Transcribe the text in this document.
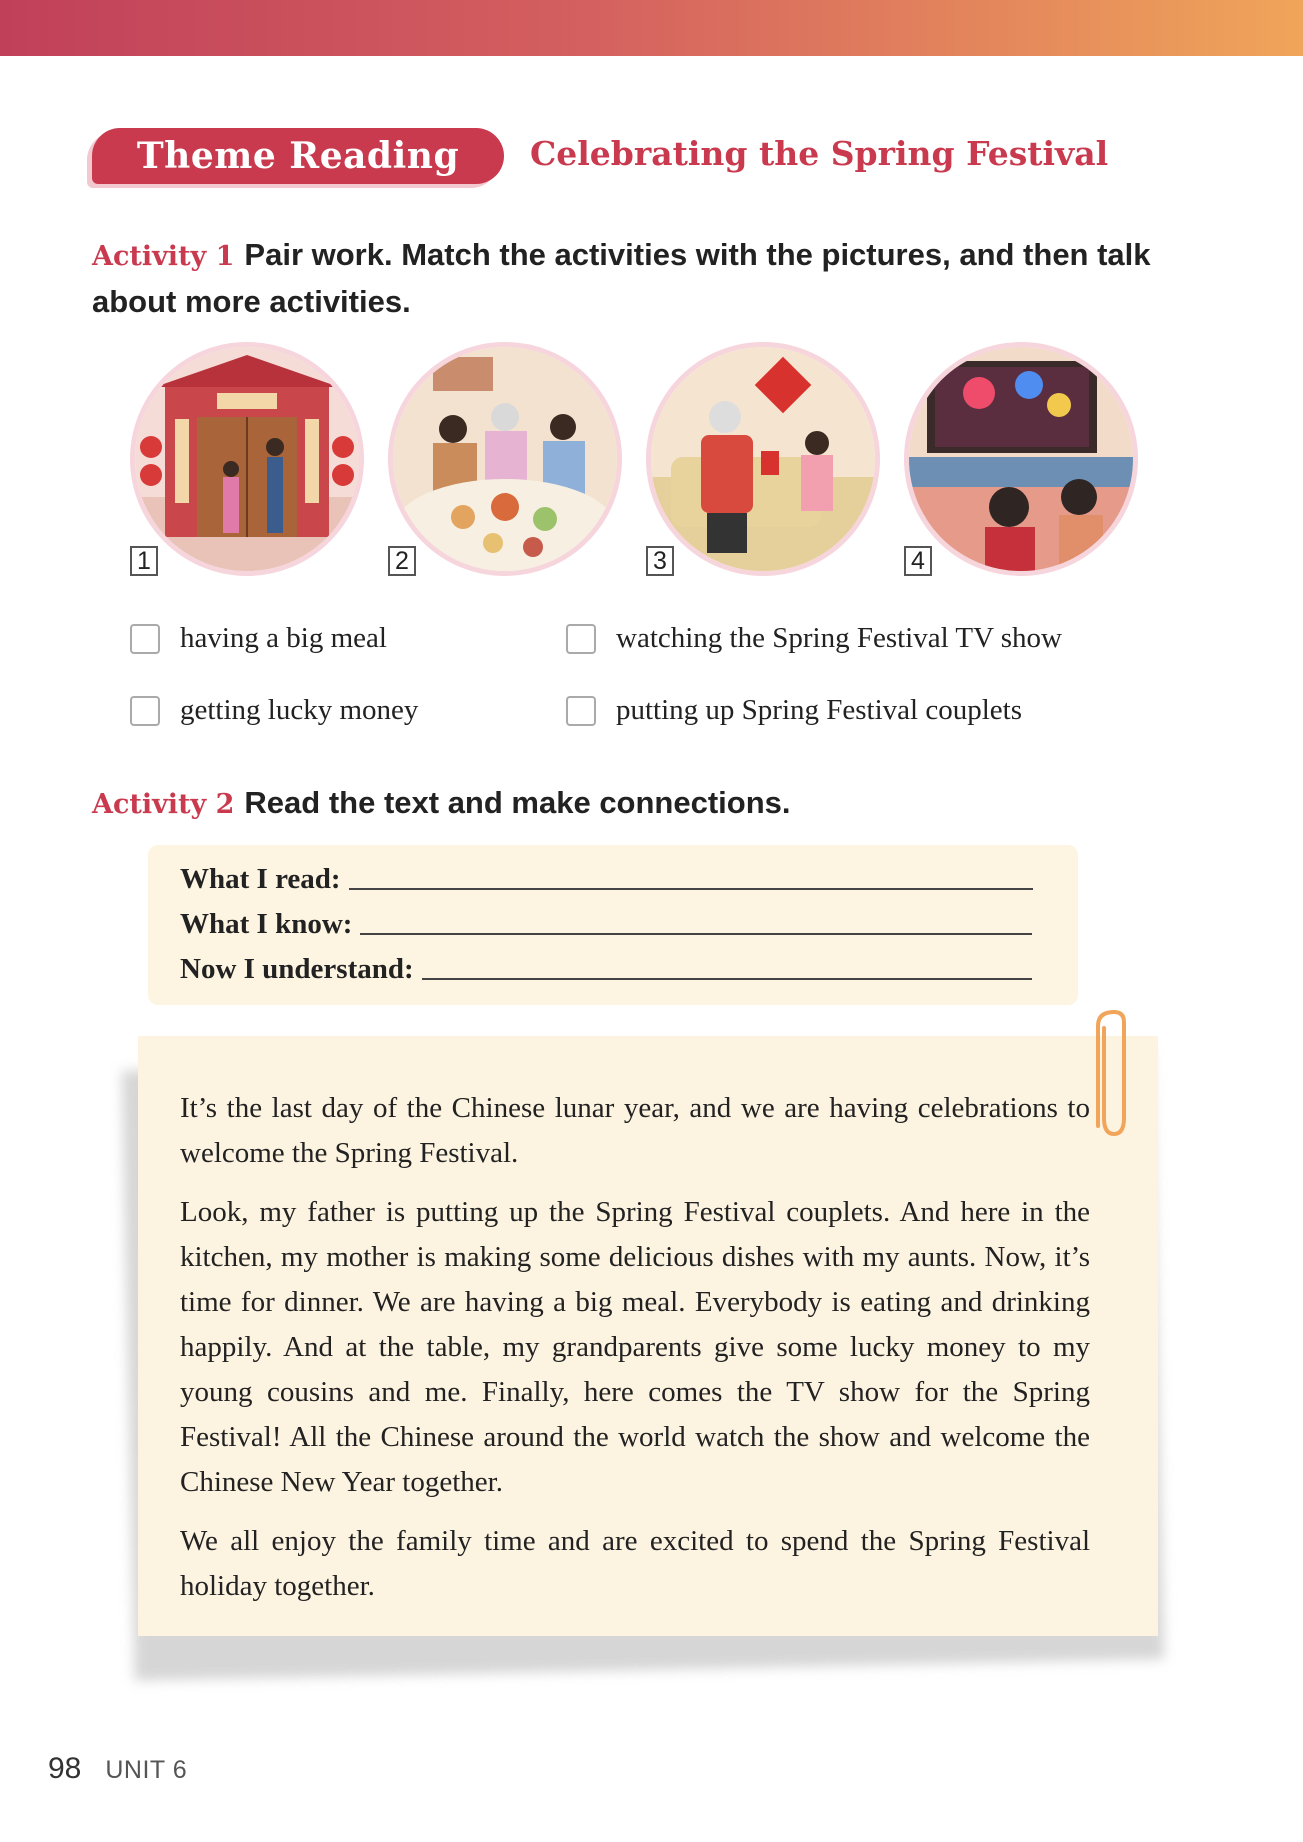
Theme Reading Celebrating the Spring Festival
Activity 1 Pair work. Match the activities with the pictures, and then talk about more activities.
1	2	3	4
having a big meal	watching the Spring Festival TV show
getting lucky money	putting up Spring Festival couplets
Activity 2 Read the text and make connections.
What I read:
What I know:
Now I understand:

It’s the last day of the Chinese lunar year, and we are having celebrations to welcome the Spring Festival.

Look, my father is putting up the Spring Festival couplets. And here in the kitchen, my mother is making some delicious dishes with my aunts. Now, it’s time for dinner. We are having a big meal. Everybody is eating and drinking happily. And at the table, my grandparents give some lucky money to my young cousins and me. Finally, here comes the TV show for the Spring Festival! All the Chinese around the world watch the show and welcome the Chinese New Year together.

We all enjoy the family time and are excited to spend the Spring Festival holiday together.

98 UNIT 6
